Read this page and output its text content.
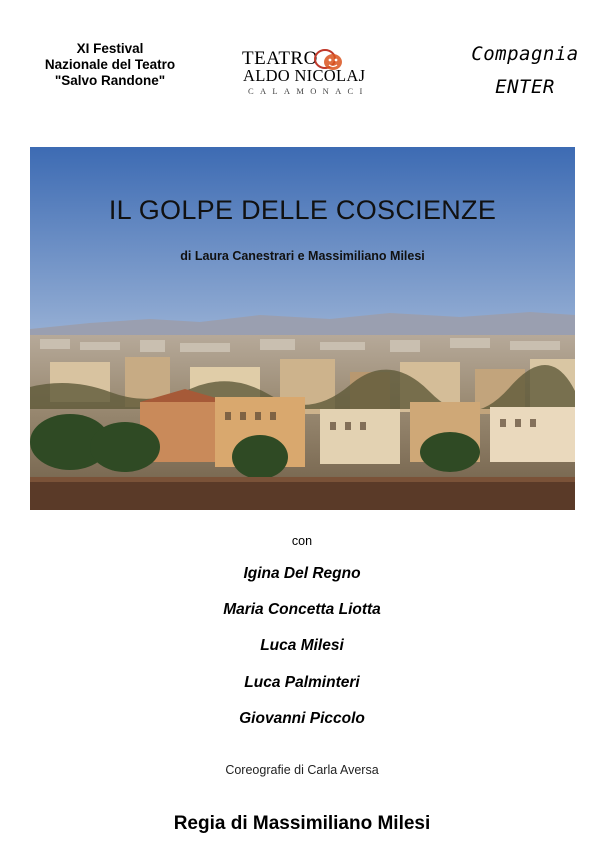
XI Festival
Nazionale del Teatro
"Salvo Randone"
TEATRO
ALDO NICOLAJ
CALAMONACI
Compagnia
ENTER
IL GOLPE DELLE COSCIENZE
di Laura Canestrari e Massimiliano Milesi
con
Igina Del Regno
Maria Concetta Liotta
Luca Milesi
Luca Palminteri
Giovanni Piccolo
Coreografie di Carla Aversa
Regia di Massimiliano Milesi
